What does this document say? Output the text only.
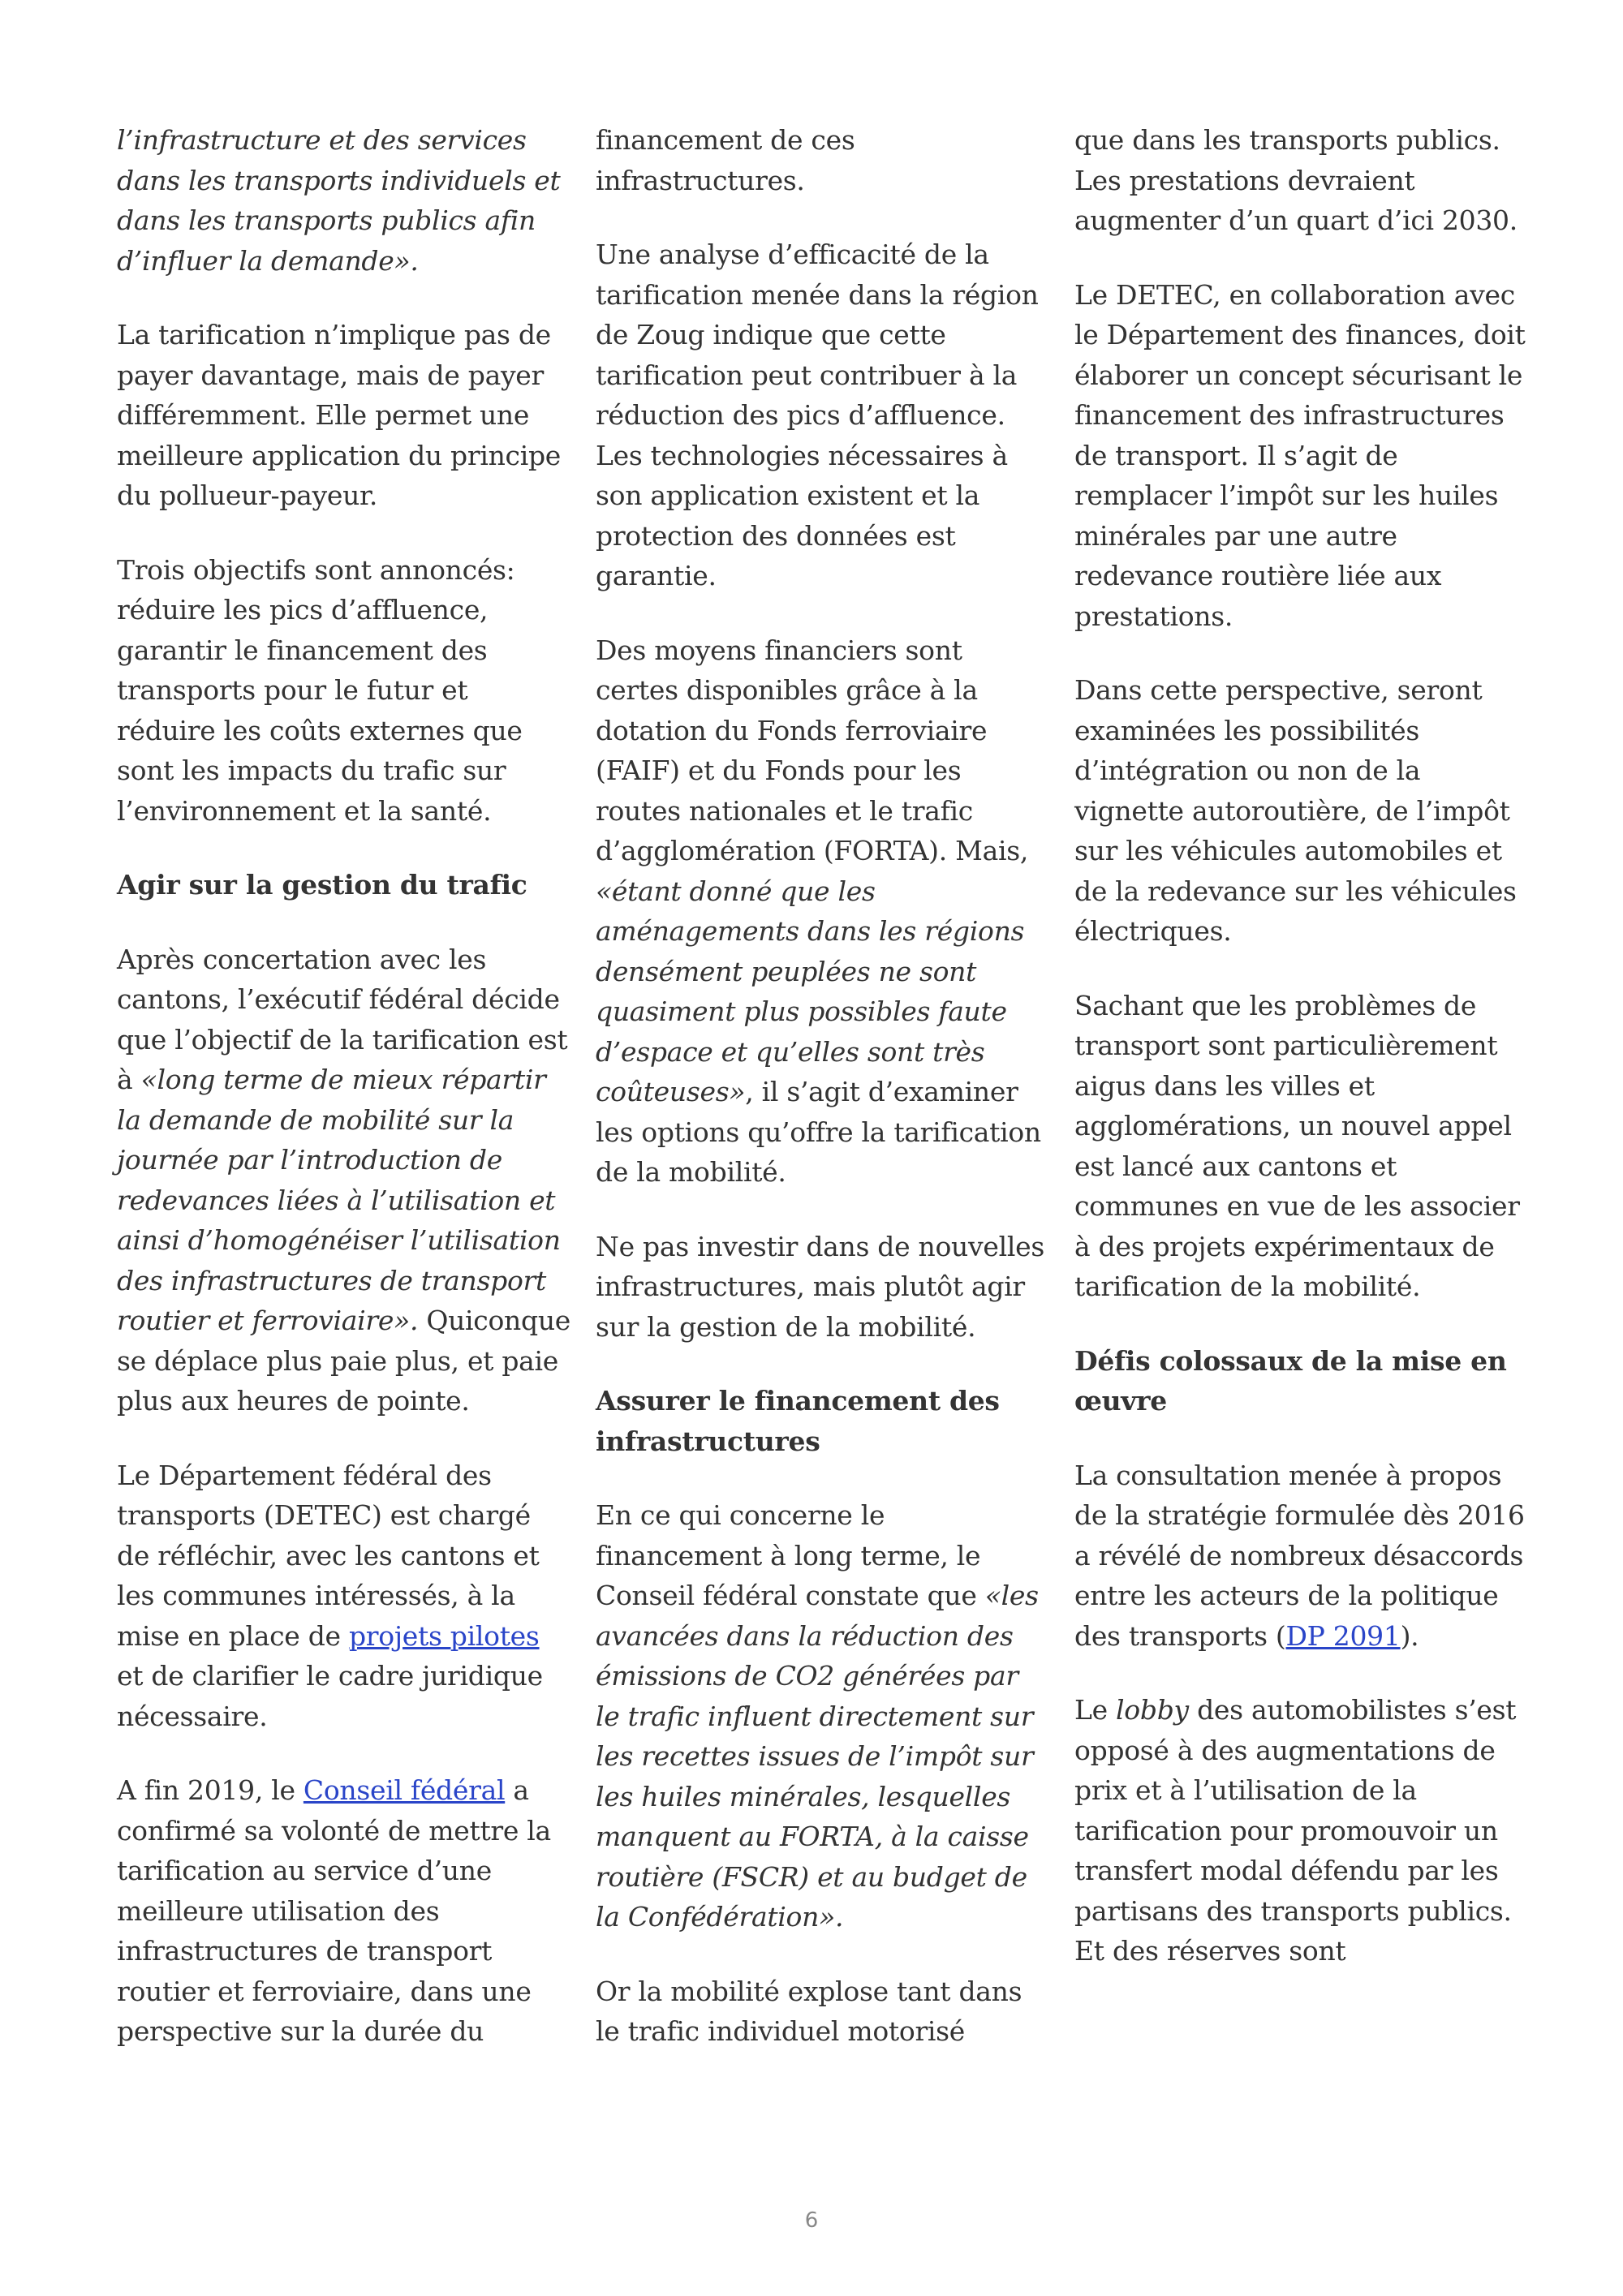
l’infrastructure et des services dans les transports individuels et dans les transports publics afin d’influer la demande».

La tarification n’implique pas de payer davantage, mais de payer différemment. Elle permet une meilleure application du principe du pollueur-payeur.

Trois objectifs sont annoncés: réduire les pics d’affluence, garantir le financement des transports pour le futur et réduire les coûts externes que sont les impacts du trafic sur l’environnement et la santé.

Agir sur la gestion du trafic

Après concertation avec les cantons, l’exécutif fédéral décide que l’objectif de la tarification est à «long terme de mieux répartir la demande de mobilité sur la journée par l’introduction de redevances liées à l’utilisation et ainsi d’homogénéiser l’utilisation des infrastructures de transport routier et ferroviaire». Quiconque se déplace plus paie plus, et paie plus aux heures de pointe.

Le Département fédéral des transports (DETEC) est chargé de réfléchir, avec les cantons et les communes intéressés, à la mise en place de projets pilotes et de clarifier le cadre juridique nécessaire.

A fin 2019, le Conseil fédéral a confirmé sa volonté de mettre la tarification au service d’une meilleure utilisation des infrastructures de transport routier et ferroviaire, dans une perspective sur la durée du

financement de ces infrastructures.

Une analyse d’efficacité de la tarification menée dans la région de Zoug indique que cette tarification peut contribuer à la réduction des pics d’affluence. Les technologies nécessaires à son application existent et la protection des données est garantie.

Des moyens financiers sont certes disponibles grâce à la dotation du Fonds ferroviaire (FAIF) et du Fonds pour les routes nationales et le trafic d’agglomération (FORTA). Mais, «étant donné que les aménagements dans les régions densément peuplées ne sont quasiment plus possibles faute d’espace et qu’elles sont très coûteuses», il s’agit d’examiner les options qu’offre la tarification de la mobilité.

Ne pas investir dans de nouvelles infrastructures, mais plutôt agir sur la gestion de la mobilité.

Assurer le financement des infrastructures

En ce qui concerne le financement à long terme, le Conseil fédéral constate que «les avancées dans la réduction des émissions de CO2 générées par le trafic influent directement sur les recettes issues de l’impôt sur les huiles minérales, lesquelles manquent au FORTA, à la caisse routière (FSCR) et au budget de la Confédération».

Or la mobilité explose tant dans le trafic individuel motorisé

que dans les transports publics. Les prestations devraient augmenter d’un quart d’ici 2030.

Le DETEC, en collaboration avec le Département des finances, doit élaborer un concept sécurisant le financement des infrastructures de transport. Il s’agit de remplacer l’impôt sur les huiles minérales par une autre redevance routière liée aux prestations.

Dans cette perspective, seront examinées les possibilités d’intégration ou non de la vignette autoroutière, de l’impôt sur les véhicules automobiles et de la redevance sur les véhicules électriques.

Sachant que les problèmes de transport sont particulièrement aigus dans les villes et agglomérations, un nouvel appel est lancé aux cantons et communes en vue de les associer à des projets expérimentaux de tarification de la mobilité.

Défis colossaux de la mise en œuvre

La consultation menée à propos de la stratégie formulée dès 2016 a révélé de nombreux désaccords entre les acteurs de la politique des transports (DP 2091).

Le lobby des automobilistes s’est opposé à des augmentations de prix et à l’utilisation de la tarification pour promouvoir un transfert modal défendu par les partisans des transports publics. Et des réserves sont

6
